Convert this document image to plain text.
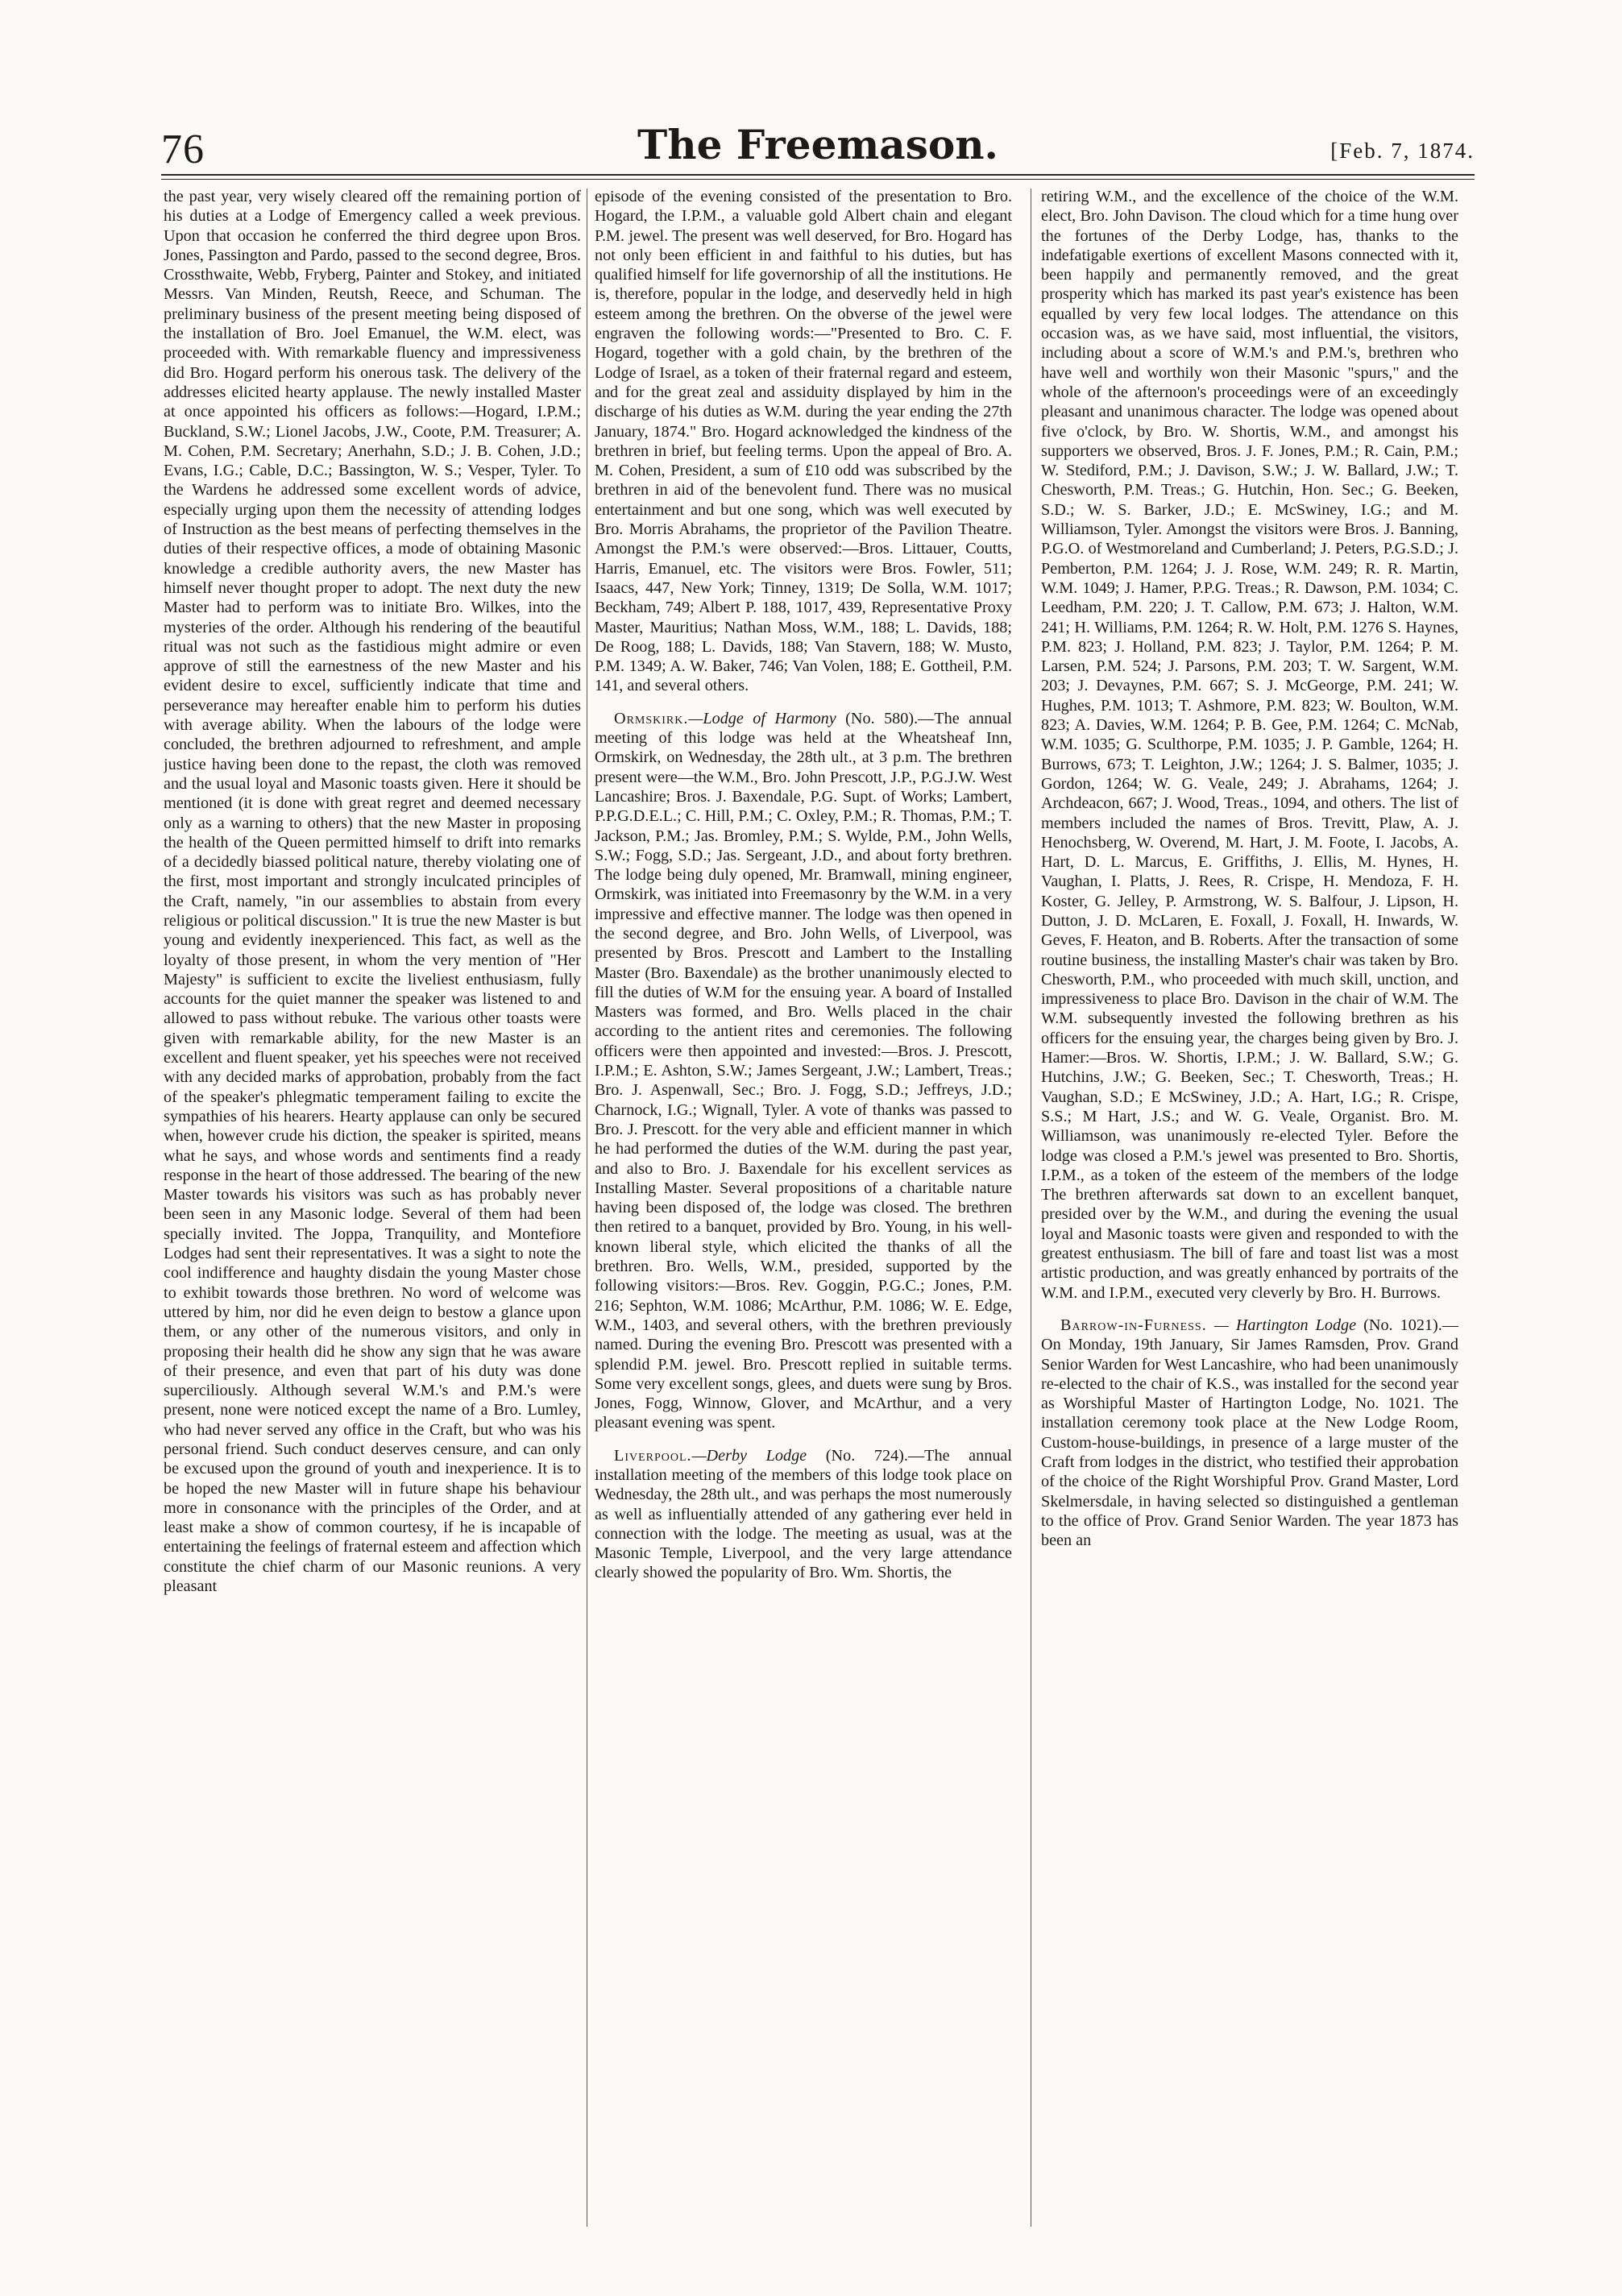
76	The Freemason.	[Feb. 7, 1874.

the past year, very wisely cleared off the remaining portion of his duties at a Lodge of Emergency called a week previous. Upon that occasion he conferred the third degree upon Bros. Jones, Passington and Pardo, passed to the second degree, Bros. Crossthwaite, Webb, Fryberg, Painter and Stokey, and initiated Messrs. Van Minden, Reutsh, Reece, and Schuman. The preliminary business of the present meeting being disposed of the installation of Bro. Joel Emanuel, the W.M. elect, was proceeded with. With remarkable fluency and impressiveness did Bro. Hogard perform his onerous task. The delivery of the addresses elicited hearty applause. The newly installed Master at once appointed his officers as follows:—Hogard, I.P.M.; Buckland, S.W.; Lionel Jacobs, J.W., Coote, P.M. Treasurer; A. M. Cohen, P.M. Secretary; Anerhahn, S.D.; J. B. Cohen, J.D.; Evans, I.G.; Cable, D.C.; Bassington, W. S.; Vesper, Tyler. To the Wardens he addressed some excellent words of advice, especially urging upon them the necessity of attending lodges of Instruction as the best means of perfecting themselves in the duties of their respective offices, a mode of obtaining Masonic knowledge a credible authority avers, the new Master has himself never thought proper to adopt. The next duty the new Master had to perform was to initiate Bro. Wilkes, into the mysteries of the order. Although his rendering of the beautiful ritual was not such as the fastidious might admire or even approve of still the earnestness of the new Master and his evident desire to excel, sufficiently indicate that time and perseverance may hereafter enable him to perform his duties with average ability. When the labours of the lodge were concluded, the brethren adjourned to refreshment, and ample justice having been done to the repast, the cloth was removed and the usual loyal and Masonic toasts given. Here it should be mentioned (it is done with great regret and deemed necessary only as a warning to others) that the new Master in proposing the health of the Queen permitted himself to drift into remarks of a decidedly biassed political nature, thereby violating one of the first, most important and strongly inculcated principles of the Craft, namely, "in our assemblies to abstain from every religious or political discussion." It is true the new Master is but young and evidently inexperienced. This fact, as well as the loyalty of those present, in whom the very mention of "Her Majesty" is sufficient to excite the liveliest enthusiasm, fully accounts for the quiet manner the speaker was listened to and allowed to pass without rebuke. The various other toasts were given with remarkable ability, for the new Master is an excellent and fluent speaker, yet his speeches were not received with any decided marks of approbation, probably from the fact of the speaker's phlegmatic temperament failing to excite the sympathies of his hearers. Hearty applause can only be secured when, however crude his diction, the speaker is spirited, means what he says, and whose words and sentiments find a ready response in the heart of those addressed. The bearing of the new Master towards his visitors was such as has probably never been seen in any Masonic lodge. Several of them had been specially invited. The Joppa, Tranquility, and Montefiore Lodges had sent their representatives. It was a sight to note the cool indifference and haughty disdain the young Master chose to exhibit towards those brethren. No word of welcome was uttered by him, nor did he even deign to bestow a glance upon them, or any other of the numerous visitors, and only in proposing their health did he show any sign that he was aware of their presence, and even that part of his duty was done superciliously. Although several W.M.'s and P.M.'s were present, none were noticed except the name of a Bro. Lumley, who had never served any office in the Craft, but who was his personal friend. Such conduct deserves censure, and can only be excused upon the ground of youth and inexperience. It is to be hoped the new Master will in future shape his behaviour more in consonance with the principles of the Order, and at least make a show of common courtesy, if he is incapable of entertaining the feelings of fraternal esteem and affection which constitute the chief charm of our Masonic reunions. A very pleasant

episode of the evening consisted of the presentation to Bro. Hogard, the I.P.M., a valuable gold Albert chain and elegant P.M. jewel. The present was well deserved, for Bro. Hogard has not only been efficient in and faithful to his duties, but has qualified himself for life governorship of all the institutions. He is, therefore, popular in the lodge, and deservedly held in high esteem among the brethren. On the obverse of the jewel were engraven the following words:—"Presented to Bro. C. F. Hogard, together with a gold chain, by the brethren of the Lodge of Israel, as a token of their fraternal regard and esteem, and for the great zeal and assiduity displayed by him in the discharge of his duties as W.M. during the year ending the 27th January, 1874." Bro. Hogard acknowledged the kindness of the brethren in brief, but feeling terms. Upon the appeal of Bro. A. M. Cohen, President, a sum of £10 odd was subscribed by the brethren in aid of the benevolent fund. There was no musical entertainment and but one song, which was well executed by Bro. Morris Abrahams, the proprietor of the Pavilion Theatre. Amongst the P.M.'s were observed:—Bros. Littauer, Coutts, Harris, Emanuel, etc. The visitors were Bros. Fowler, 511; Isaacs, 447, New York; Tinney, 1319; De Solla, W.M. 1017; Beckham, 749; Albert P. 188, 1017, 439, Representative Proxy Master, Mauritius; Nathan Moss, W.M., 188; L. Davids, 188; De Roog, 188; L. Davids, 188; Van Stavern, 188; W. Musto, P.M. 1349; A. W. Baker, 746; Van Volen, 188; E. Gottheil, P.M. 141, and several others.

Ormskirk.—Lodge of Harmony (No. 580).—The annual meeting of this lodge was held at the Wheatsheaf Inn, Ormskirk, on Wednesday, the 28th ult., at 3 p.m. The brethren present were—the W.M., Bro. John Prescott, J.P., P.G.J.W. West Lancashire; Bros. J. Baxendale, P.G. Supt. of Works; Lambert, P.P.G.D.E.L.; C. Hill, P.M.; C. Oxley, P.M.; R. Thomas, P.M.; T. Jackson, P.M.; Jas. Bromley, P.M.; S. Wylde, P.M., John Wells, S.W.; Fogg, S.D.; Jas. Sergeant, J.D., and about forty brethren. The lodge being duly opened, Mr. Bramwall, mining engineer, Ormskirk, was initiated into Freemasonry by the W.M. in a very impressive and effective manner. The lodge was then opened in the second degree, and Bro. John Wells, of Liverpool, was presented by Bros. Prescott and Lambert to the Installing Master (Bro. Baxendale) as the brother unanimously elected to fill the duties of W.M for the ensuing year. A board of Installed Masters was formed, and Bro. Wells placed in the chair according to the antient rites and ceremonies. The following officers were then appointed and invested:—Bros. J. Prescott, I.P.M.; E. Ashton, S.W.; James Sergeant, J.W.; Lambert, Treas.; Bro. J. Aspenwall, Sec.; Bro. J. Fogg, S.D.; Jeffreys, J.D.; Charnock, I.G.; Wignall, Tyler. A vote of thanks was passed to Bro. J. Prescott. for the very able and efficient manner in which he had performed the duties of the W.M. during the past year, and also to Bro. J. Baxendale for his excellent services as Installing Master. Several propositions of a charitable nature having been disposed of, the lodge was closed. The brethren then retired to a banquet, provided by Bro. Young, in his well-known liberal style, which elicited the thanks of all the brethren. Bro. Wells, W.M., presided, supported by the following visitors:—Bros. Rev. Goggin, P.G.C.; Jones, P.M. 216; Sephton, W.M. 1086; McArthur, P.M. 1086; W. E. Edge, W.M., 1403, and several others, with the brethren previously named. During the evening Bro. Prescott was presented with a splendid P.M. jewel. Bro. Prescott replied in suitable terms. Some very excellent songs, glees, and duets were sung by Bros. Jones, Fogg, Winnow, Glover, and McArthur, and a very pleasant evening was spent.

Liverpool.—Derby Lodge (No. 724).—The annual installation meeting of the members of this lodge took place on Wednesday, the 28th ult., and was perhaps the most numerously as well as influentially attended of any gathering ever held in connection with the lodge. The meeting as usual, was at the Masonic Temple, Liverpool, and the very large attendance clearly showed the popularity of Bro. Wm. Shortis, the

retiring W.M., and the excellence of the choice of the W.M. elect, Bro. John Davison. The cloud which for a time hung over the fortunes of the Derby Lodge, has, thanks to the indefatigable exertions of excellent Masons connected with it, been happily and permanently removed, and the great prosperity which has marked its past year's existence has been equalled by very few local lodges. The attendance on this occasion was, as we have said, most influential, the visitors, including about a score of W.M.'s and P.M.'s, brethren who have well and worthily won their Masonic "spurs," and the whole of the afternoon's proceedings were of an exceedingly pleasant and unanimous character. The lodge was opened about five o'clock, by Bro. W. Shortis, W.M., and amongst his supporters we observed, Bros. J. F. Jones, P.M.; R. Cain, P.M.; W. Stediford, P.M.; J. Davison, S.W.; J. W. Ballard, J.W.; T. Chesworth, P.M. Treas.; G. Hutchin, Hon. Sec.; G. Beeken, S.D.; W. S. Barker, J.D.; E. McSwiney, I.G.; and M. Williamson, Tyler. Amongst the visitors were Bros. J. Banning, P.G.O. of Westmoreland and Cumberland; J. Peters, P.G.S.D.; J. Pemberton, P.M. 1264; J. J. Rose, W.M. 249; R. R. Martin, W.M. 1049; J. Hamer, P.P.G. Treas.; R. Dawson, P.M. 1034; C. Leedham, P.M. 220; J. T. Callow, P.M. 673; J. Halton, W.M. 241; H. Williams, P.M. 1264; R. W. Holt, P.M. 1276 S. Haynes, P.M. 823; J. Holland, P.M. 823; J. Taylor, P.M. 1264; P. M. Larsen, P.M. 524; J. Parsons, P.M. 203; T. W. Sargent, W.M. 203; J. Devaynes, P.M. 667; S. J. McGeorge, P.M. 241; W. Hughes, P.M. 1013; T. Ashmore, P.M. 823; W. Boulton, W.M. 823; A. Davies, W.M. 1264; P. B. Gee, P.M. 1264; C. McNab, W.M. 1035; G. Sculthorpe, P.M. 1035; J. P. Gamble, 1264; H. Burrows, 673; T. Leighton, J.W.; 1264; J. S. Balmer, 1035; J. Gordon, 1264; W. G. Veale, 249; J. Abrahams, 1264; J. Archdeacon, 667; J. Wood, Treas., 1094, and others. The list of members included the names of Bros. Trevitt, Plaw, A. J. Henochsberg, W. Overend, M. Hart, J. M. Foote, I. Jacobs, A. Hart, D. L. Marcus, E. Griffiths, J. Ellis, M. Hynes, H. Vaughan, I. Platts, J. Rees, R. Crispe, H. Mendoza, F. H. Koster, G. Jelley, P. Armstrong, W. S. Balfour, J. Lipson, H. Dutton, J. D. McLaren, E. Foxall, J. Foxall, H. Inwards, W. Geves, F. Heaton, and B. Roberts. After the transaction of some routine business, the installing Master's chair was taken by Bro. Chesworth, P.M., who proceeded with much skill, unction, and impressiveness to place Bro. Davison in the chair of W.M. The W.M. subsequently invested the following brethren as his officers for the ensuing year, the charges being given by Bro. J. Hamer:—Bros. W. Shortis, I.P.M.; J. W. Ballard, S.W.; G. Hutchins, J.W.; G. Beeken, Sec.; T. Chesworth, Treas.; H. Vaughan, S.D.; E McSwiney, J.D.; A. Hart, I.G.; R. Crispe, S.S.; M Hart, J.S.; and W. G. Veale, Organist. Bro. M. Williamson, was unanimously re-elected Tyler. Before the lodge was closed a P.M.'s jewel was presented to Bro. Shortis, I.P.M., as a token of the esteem of the members of the lodge The brethren afterwards sat down to an excellent banquet, presided over by the W.M., and during the evening the usual loyal and Masonic toasts were given and responded to with the greatest enthusiasm. The bill of fare and toast list was a most artistic production, and was greatly enhanced by portraits of the W.M. and I.P.M., executed very cleverly by Bro. H. Burrows.

Barrow-in-Furness. — Hartington Lodge (No. 1021).—On Monday, 19th January, Sir James Ramsden, Prov. Grand Senior Warden for West Lancashire, who had been unanimously re-elected to the chair of K.S., was installed for the second year as Worshipful Master of Hartington Lodge, No. 1021. The installation ceremony took place at the New Lodge Room, Custom-house-buildings, in presence of a large muster of the Craft from lodges in the district, who testified their approbation of the choice of the Right Worshipful Prov. Grand Master, Lord Skelmersdale, in having selected so distinguished a gentleman to the office of Prov. Grand Senior Warden. The year 1873 has been an
